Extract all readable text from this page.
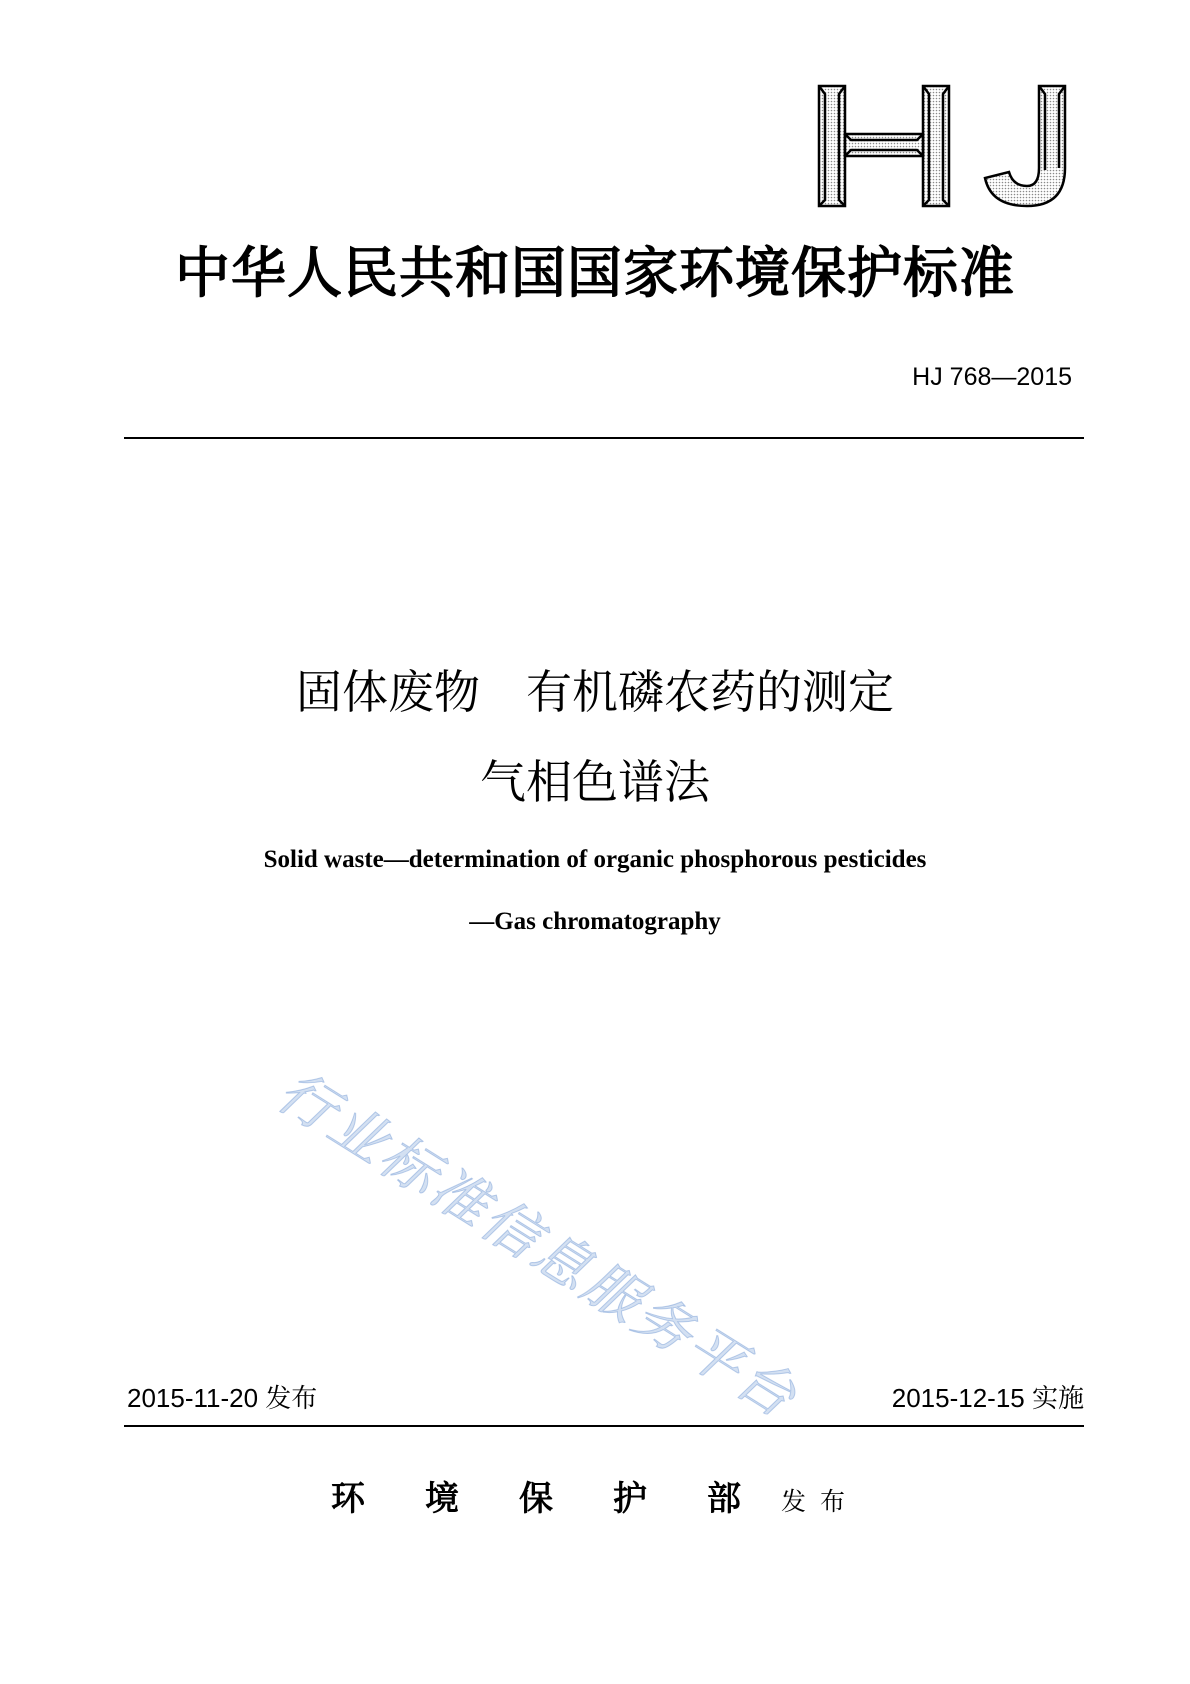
HJ
中华人民共和国国家环境保护标准
HJ 768—2015
固体废物　有机磷农药的测定
气相色谱法
Solid waste—determination of organic phosphorous pesticides
—Gas chromatography
行业标准信息服务平台
2015-11-20 发布	2015-12-15 实施
环境保护部发布
